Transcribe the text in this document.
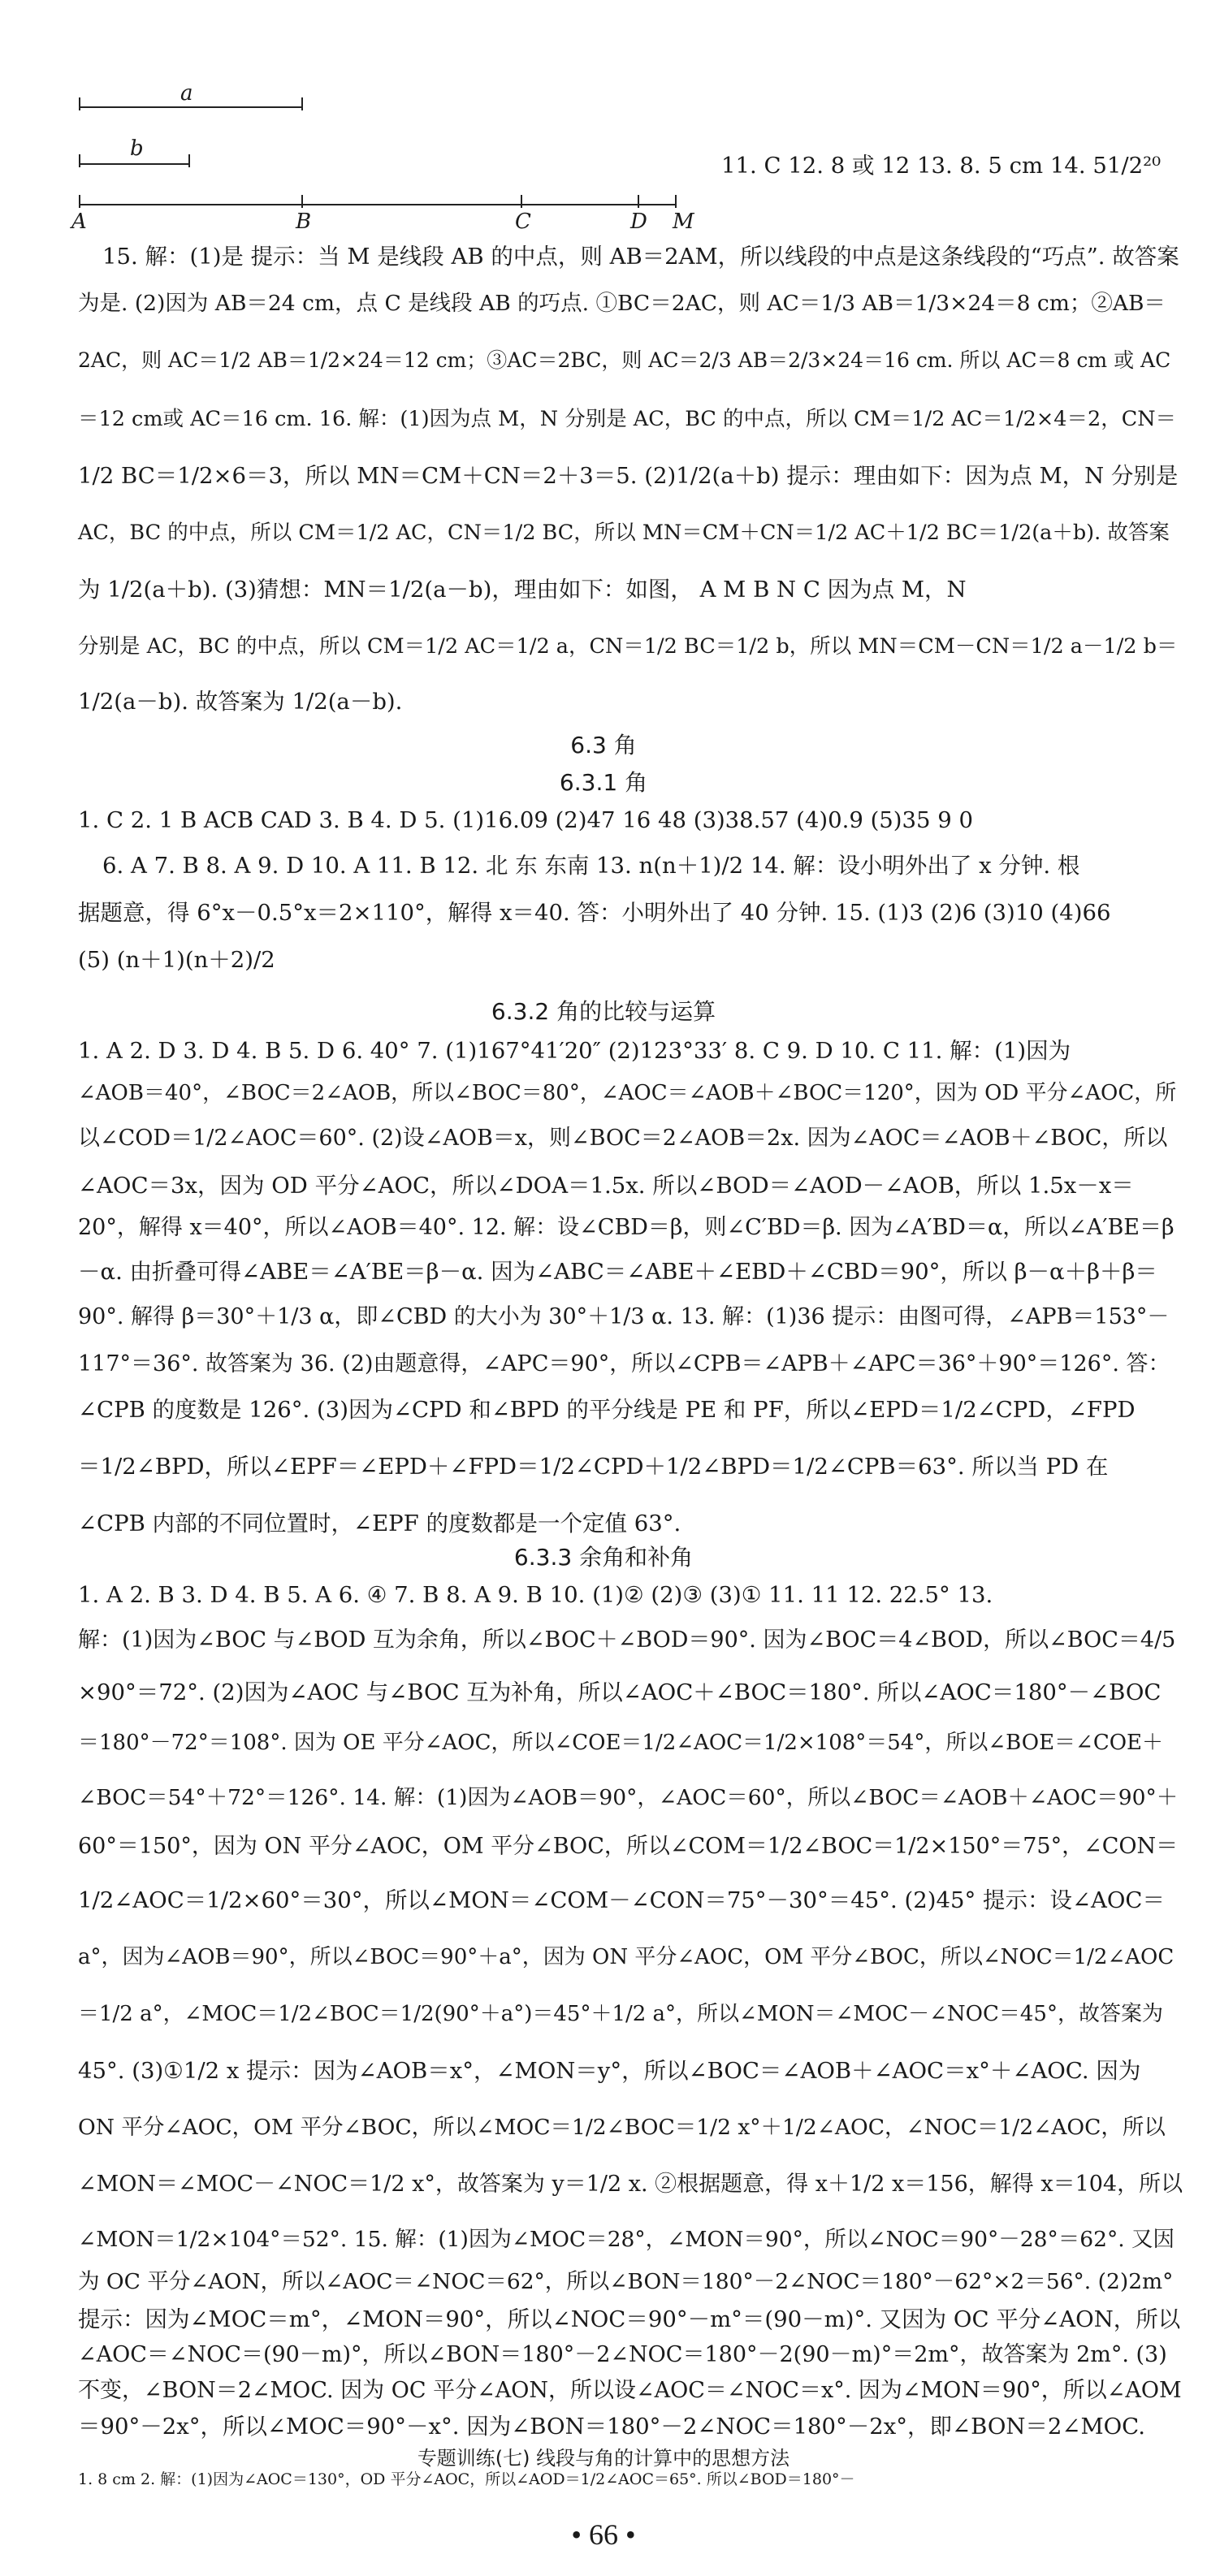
a
b
A	B	C	D M
11. C 12. 8 或 12 13. 8. 5 cm 14. 51/2²⁰
15. 解：(1)是 提示：当 M 是线段 AB 的中点，则 AB＝2AM，所以线段的中点是这条线段的“巧点”. 故答案
为是. (2)因为 AB＝24 cm，点 C 是线段 AB 的巧点. ①BC＝2AC，则 AC＝1/3 AB＝1/3×24＝8 cm；②AB＝
2AC，则 AC＝1/2 AB＝1/2×24＝12 cm；③AC＝2BC，则 AC＝2/3 AB＝2/3×24＝16 cm. 所以 AC＝8 cm 或 AC
＝12 cm或 AC＝16 cm. 16. 解：(1)因为点 M，N 分别是 AC，BC 的中点，所以 CM＝1/2 AC＝1/2×4＝2，CN＝
1/2 BC＝1/2×6＝3，所以 MN＝CM＋CN＝2＋3＝5. (2)1/2(a＋b) 提示：理由如下：因为点 M，N 分别是
AC，BC 的中点，所以 CM＝1/2 AC，CN＝1/2 BC，所以 MN＝CM＋CN＝1/2 AC＋1/2 BC＝1/2(a＋b). 故答案
为 1/2(a＋b). (3)猜想：MN＝1/2(a－b)，理由如下：如图， A M B N C 因为点 M，N
分别是 AC，BC 的中点，所以 CM＝1/2 AC＝1/2 a，CN＝1/2 BC＝1/2 b，所以 MN＝CM－CN＝1/2 a－1/2 b＝
1/2(a－b). 故答案为 1/2(a－b).
6.3 角
6.3.1 角
1. C 2. 1 B ACB CAD 3. B 4. D 5. (1)16.09 (2)47 16 48 (3)38.57 (4)0.9 (5)35 9 0
6. A 7. B 8. A 9. D 10. A 11. B 12. 北 东 东南 13. n(n＋1)/2 14. 解：设小明外出了 x 分钟. 根
据题意，得 6°x－0.5°x＝2×110°，解得 x＝40. 答：小明外出了 40 分钟. 15. (1)3 (2)6 (3)10 (4)66
(5) (n＋1)(n＋2)/2
6.3.2 角的比较与运算
1. A 2. D 3. D 4. B 5. D 6. 40° 7. (1)167°41′20″ (2)123°33′ 8. C 9. D 10. C 11. 解：(1)因为
∠AOB＝40°，∠BOC＝2∠AOB，所以∠BOC＝80°，∠AOC＝∠AOB＋∠BOC＝120°，因为 OD 平分∠AOC，所
以∠COD＝1/2∠AOC＝60°. (2)设∠AOB＝x，则∠BOC＝2∠AOB＝2x. 因为∠AOC＝∠AOB＋∠BOC，所以
∠AOC＝3x，因为 OD 平分∠AOC，所以∠DOA＝1.5x. 所以∠BOD＝∠AOD－∠AOB，所以 1.5x－x＝
20°，解得 x＝40°，所以∠AOB＝40°. 12. 解：设∠CBD＝β，则∠C′BD＝β. 因为∠A′BD＝α，所以∠A′BE＝β
－α. 由折叠可得∠ABE＝∠A′BE＝β－α. 因为∠ABC＝∠ABE＋∠EBD＋∠CBD＝90°，所以 β－α＋β＋β＝
90°. 解得 β＝30°＋1/3 α，即∠CBD 的大小为 30°＋1/3 α. 13. 解：(1)36 提示：由图可得，∠APB＝153°－
117°＝36°. 故答案为 36. (2)由题意得，∠APC＝90°，所以∠CPB＝∠APB＋∠APC＝36°＋90°＝126°. 答：
∠CPB 的度数是 126°. (3)因为∠CPD 和∠BPD 的平分线是 PE 和 PF，所以∠EPD＝1/2∠CPD，∠FPD
＝1/2∠BPD，所以∠EPF＝∠EPD＋∠FPD＝1/2∠CPD＋1/2∠BPD＝1/2∠CPB＝63°. 所以当 PD 在
∠CPB 内部的不同位置时，∠EPF 的度数都是一个定值 63°.
6.3.3 余角和补角
1. A 2. B 3. D 4. B 5. A 6. ④ 7. B 8. A 9. B 10. (1)② (2)③ (3)① 11. 11 12. 22.5° 13.
解：(1)因为∠BOC 与∠BOD 互为余角，所以∠BOC＋∠BOD＝90°. 因为∠BOC＝4∠BOD，所以∠BOC＝4/5
×90°＝72°. (2)因为∠AOC 与∠BOC 互为补角，所以∠AOC＋∠BOC＝180°. 所以∠AOC＝180°－∠BOC
＝180°－72°＝108°. 因为 OE 平分∠AOC，所以∠COE＝1/2∠AOC＝1/2×108°＝54°，所以∠BOE＝∠COE＋
∠BOC＝54°＋72°＝126°. 14. 解：(1)因为∠AOB＝90°，∠AOC＝60°，所以∠BOC＝∠AOB＋∠AOC＝90°＋
60°＝150°，因为 ON 平分∠AOC，OM 平分∠BOC，所以∠COM＝1/2∠BOC＝1/2×150°＝75°，∠CON＝
1/2∠AOC＝1/2×60°＝30°，所以∠MON＝∠COM－∠CON＝75°－30°＝45°. (2)45° 提示：设∠AOC＝
a°，因为∠AOB＝90°，所以∠BOC＝90°＋a°，因为 ON 平分∠AOC，OM 平分∠BOC，所以∠NOC＝1/2∠AOC
＝1/2 a°，∠MOC＝1/2∠BOC＝1/2(90°＋a°)＝45°＋1/2 a°，所以∠MON＝∠MOC－∠NOC＝45°，故答案为
45°. (3)①1/2 x 提示：因为∠AOB＝x°，∠MON＝y°，所以∠BOC＝∠AOB＋∠AOC＝x°＋∠AOC. 因为
ON 平分∠AOC，OM 平分∠BOC，所以∠MOC＝1/2∠BOC＝1/2 x°＋1/2∠AOC，∠NOC＝1/2∠AOC，所以
∠MON＝∠MOC－∠NOC＝1/2 x°，故答案为 y＝1/2 x. ②根据题意，得 x＋1/2 x＝156，解得 x＝104，所以
∠MON＝1/2×104°＝52°. 15. 解：(1)因为∠MOC＝28°，∠MON＝90°，所以∠NOC＝90°－28°＝62°. 又因
为 OC 平分∠AON，所以∠AOC＝∠NOC＝62°，所以∠BON＝180°－2∠NOC＝180°－62°×2＝56°. (2)2m°
提示：因为∠MOC＝m°，∠MON＝90°，所以∠NOC＝90°－m°＝(90－m)°. 又因为 OC 平分∠AON，所以
∠AOC＝∠NOC＝(90－m)°，所以∠BON＝180°－2∠NOC＝180°－2(90－m)°＝2m°，故答案为 2m°. (3)
不变，∠BON＝2∠MOC. 因为 OC 平分∠AON，所以设∠AOC＝∠NOC＝x°. 因为∠MON＝90°，所以∠AOM
＝90°－2x°，所以∠MOC＝90°－x°. 因为∠BON＝180°－2∠NOC＝180°－2x°，即∠BON＝2∠MOC.
• 66 •
专题训练(七) 线段与角的计算中的思想方法
1. 8 cm 2. 解：(1)因为∠AOC＝130°，OD 平分∠AOC，所以∠AOD＝1/2∠AOC＝65°. 所以∠BOD＝180°－
